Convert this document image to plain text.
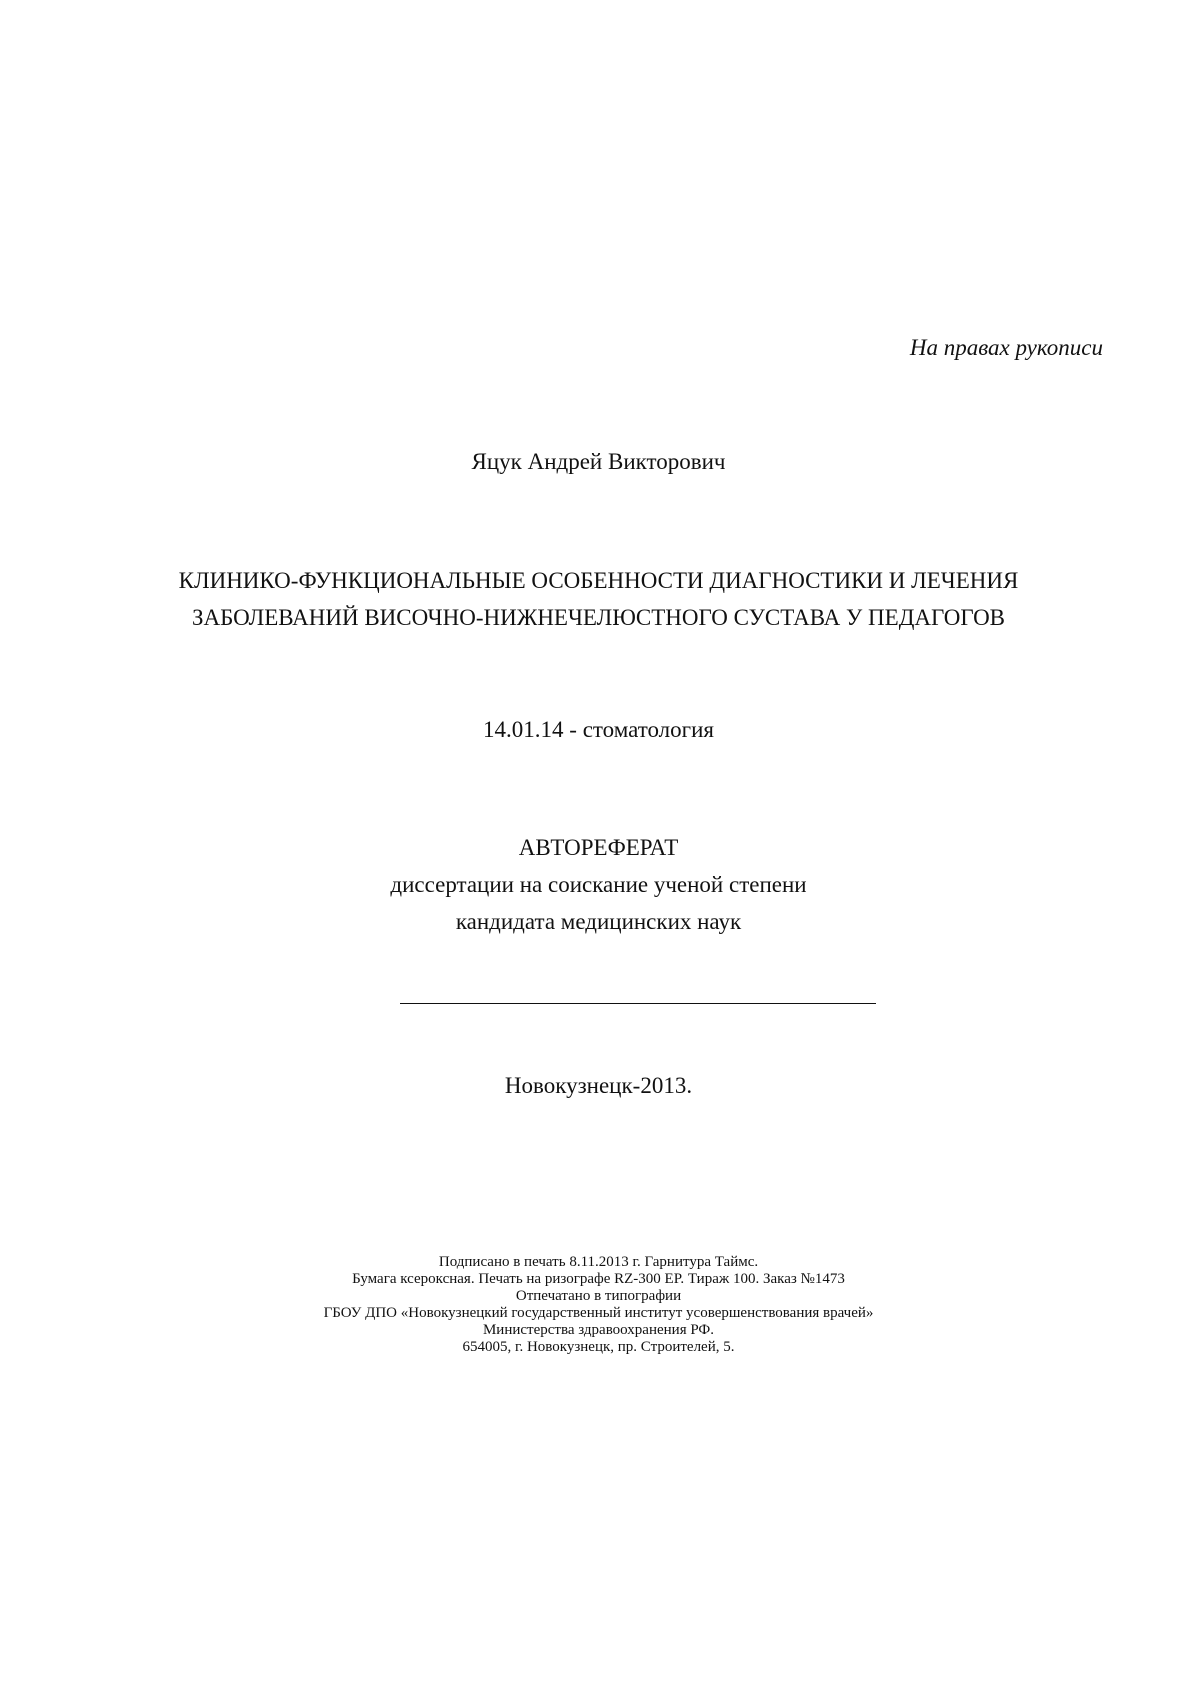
На правах рукописи
Яцук Андрей Викторович
КЛИНИКО-ФУНКЦИОНАЛЬНЫЕ ОСОБЕННОСТИ ДИАГНОСТИКИ И ЛЕЧЕНИЯ
ЗАБОЛЕВАНИЙ ВИСОЧНО-НИЖНЕЧЕЛЮСТНОГО СУСТАВА У ПЕДАГОГОВ
14.01.14 - стоматология
АВТОРЕФЕРАТ
диссертации на соискание ученой степени
кандидата медицинских наук
Новокузнецк-2013.
Подписано в печать 8.11.2013 г. Гарнитура Таймс.
Бумага ксероксная. Печать на ризографе RZ-300 EP. Тираж 100. Заказ №1473
Отпечатано в типографии
ГБОУ ДПО «Новокузнецкий государственный институт усовершенствования врачей»
Министерства здравоохранения РФ.
654005, г. Новокузнецк, пр. Строителей, 5.
